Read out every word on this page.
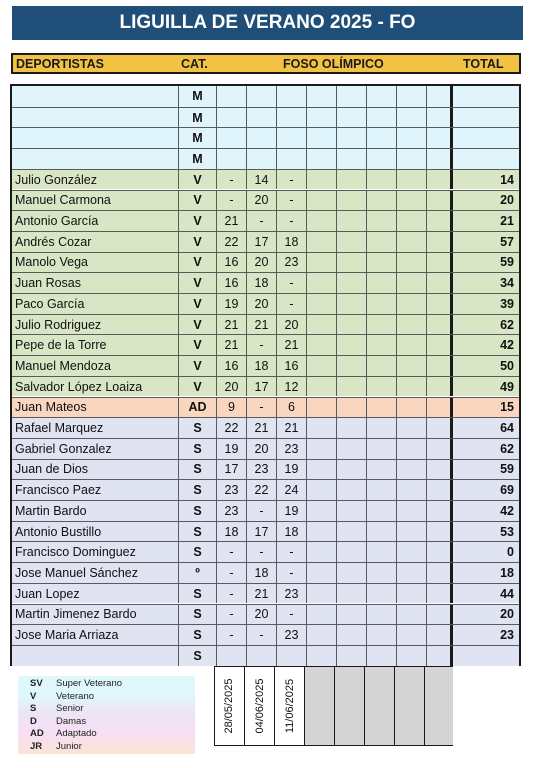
LIGUILLA DE VERANO 2025 - FO
DEPORTISTAS	CAT.	FOSO OLÍMPICO	TOTAL
M
M
M
M
Julio González	V	-	14	-	14
Manuel Carmona	V	-	20	-	20
Antonio García	V	21	-	-	21
Andrés Cozar	V	22	17	18	57
Manolo Vega	V	16	20	23	59
Juan Rosas	V	16	18	-	34
Paco García	V	19	20	-	39
Julio Rodriguez	V	21	21	20	62
Pepe de la Torre	V	21	-	21	42
Manuel Mendoza	V	16	18	16	50
Salvador López Loaiza	V	20	17	12	49
Juan Mateos	AD	9	-	6	15
Rafael Marquez	S	22	21	21	64
Gabriel Gonzalez	S	19	20	23	62
Juan de Dios	S	17	23	19	59
Francisco Paez	S	23	22	24	69
Martin Bardo	S	23	-	19	42
Antonio Bustillo	S	18	17	18	53
Francisco Dominguez	S	-	-	-	0
Jose Manuel Sánchez	º	-	18	-	18
Juan Lopez	S	-	21	23	44
Martin Jimenez Bardo	S	-	20	-	20
Jose Maria Arriaza	S	-	-	23	23
S
SV	Super Veterano
V	Veterano
S	Senior
D	Damas
AD	Adaptado
JR	Junior
28/05/2025 04/06/2025 11/06/2025
